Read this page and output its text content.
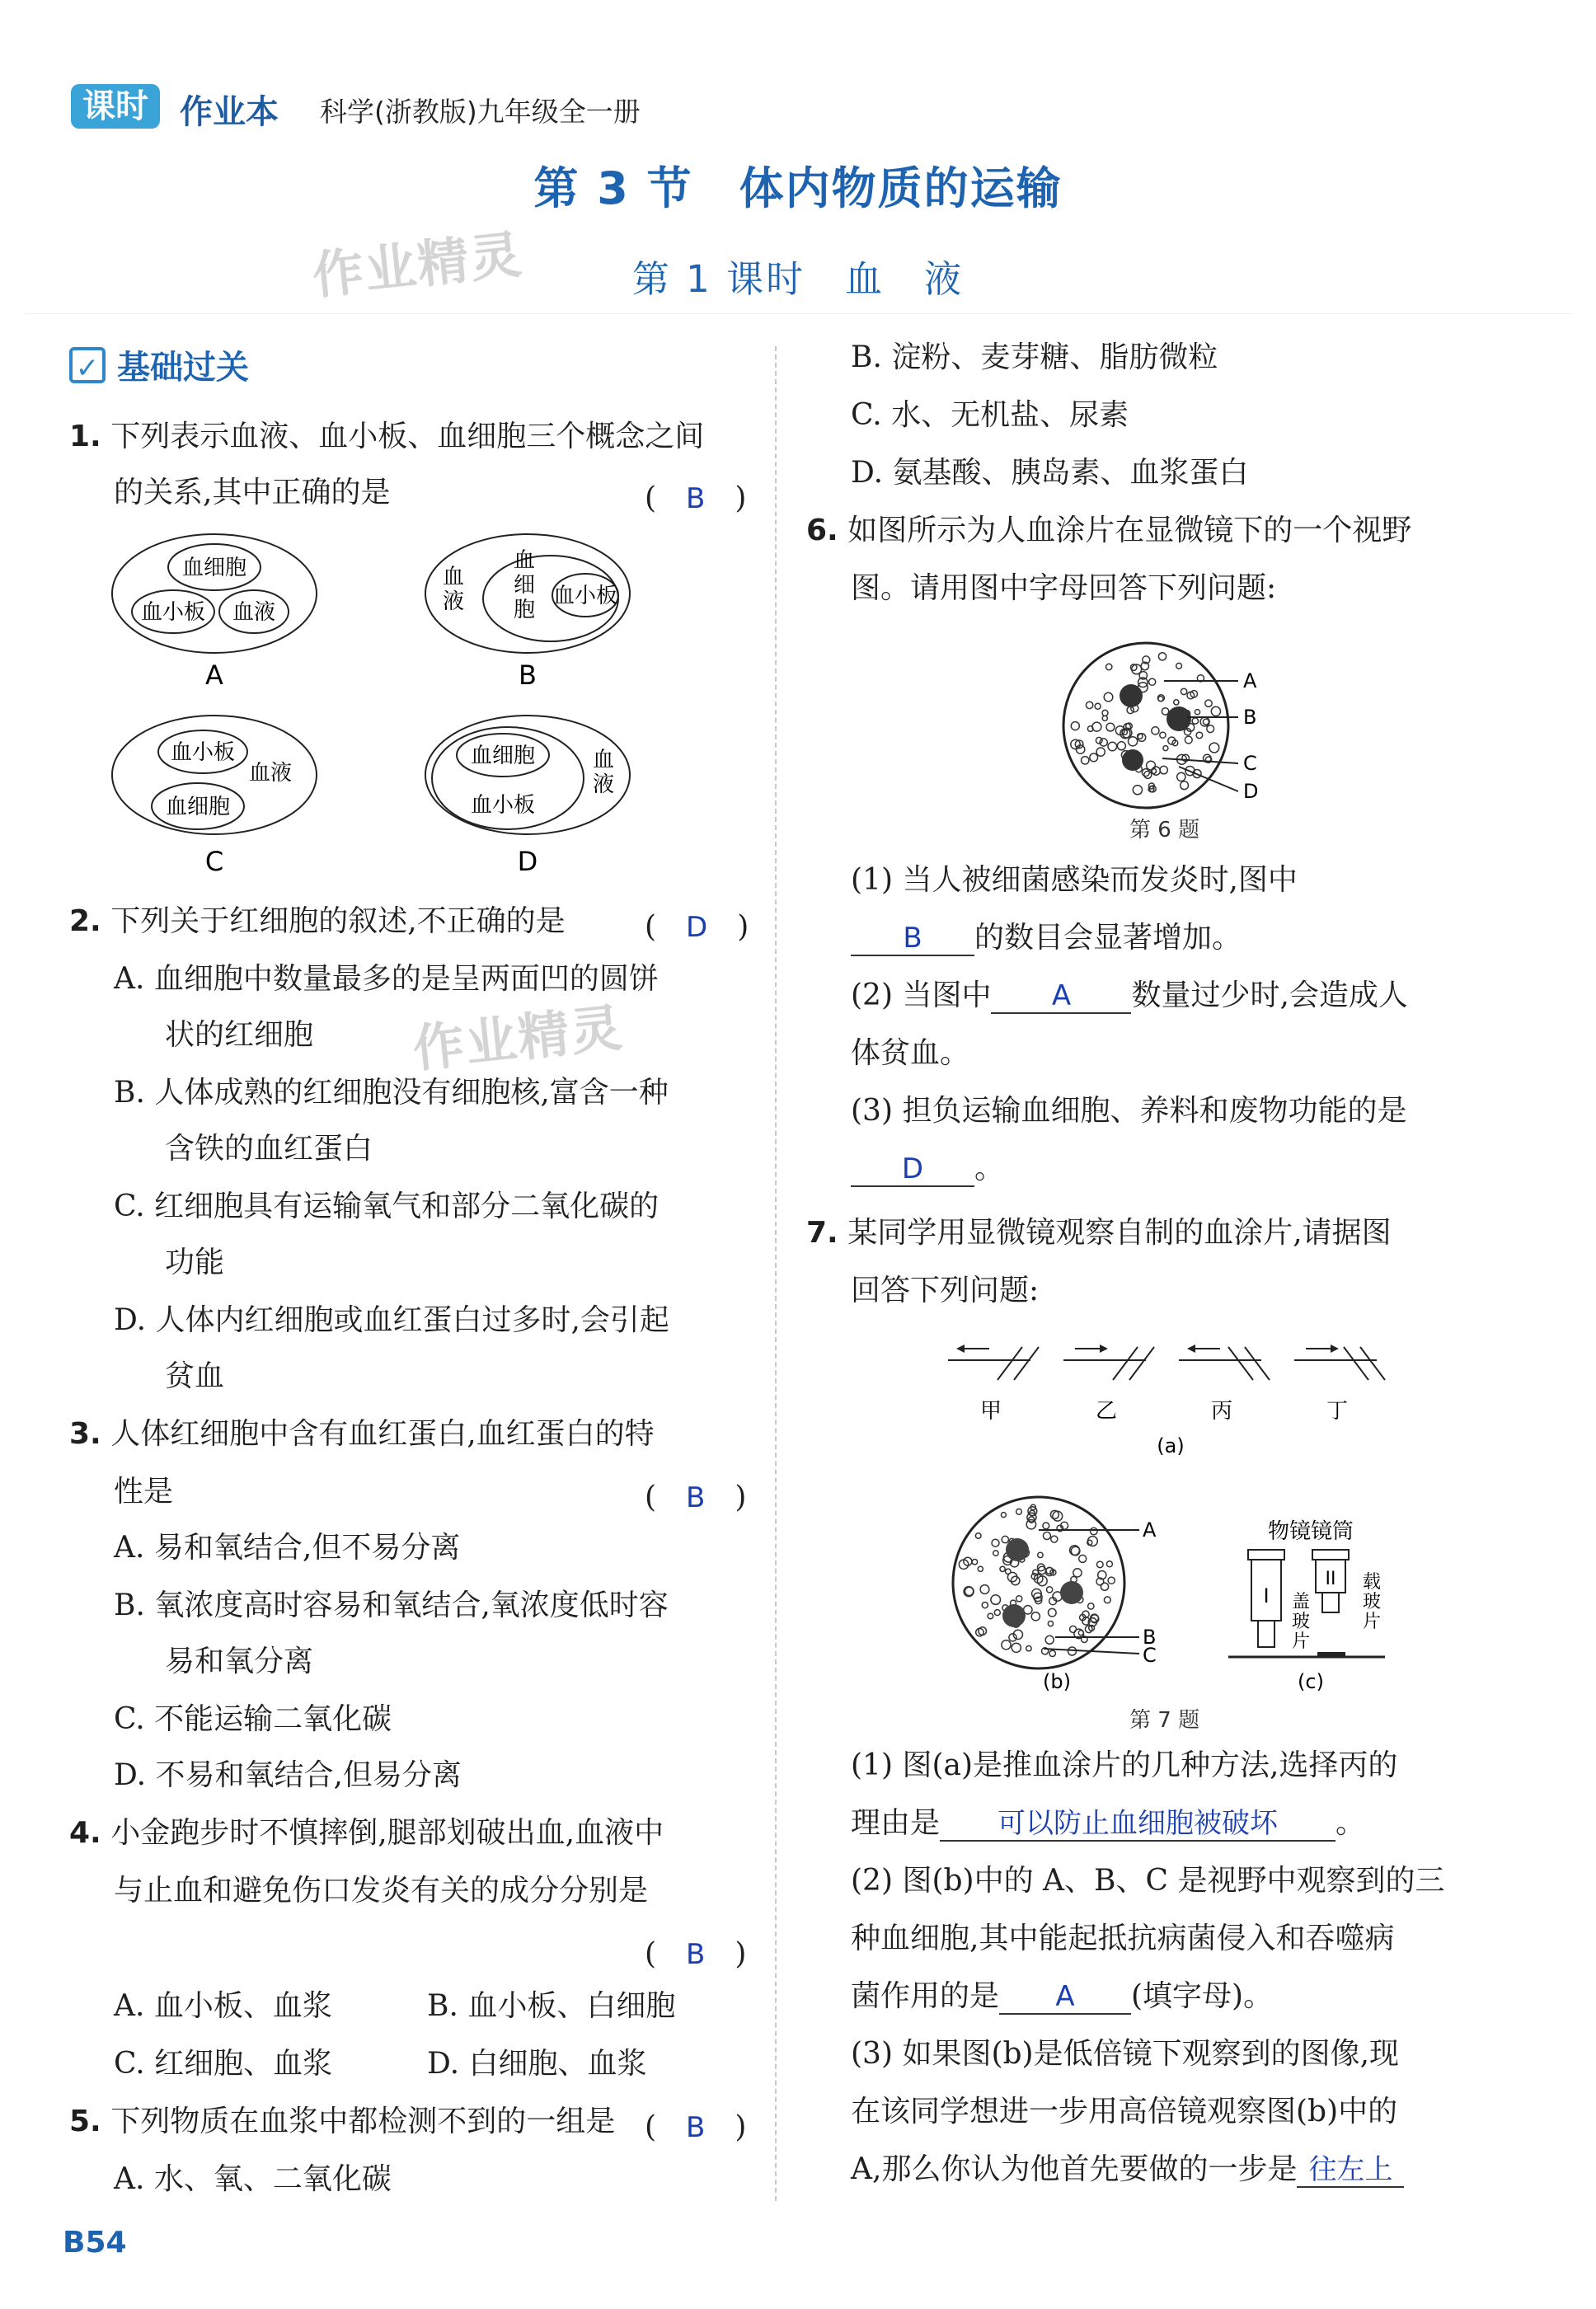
课时 作业本 科学(浙教版)九年级全一册
第 3 节　体内物质的运输
第 1 课时　血　液
作业精灵
作业精灵
✓ 基础过关
1. 下列表示血液、血小板、血细胞三个概念之间
的关系,其中正确的是	(　B　)
血细胞
血小板 血液
A
血
液
血
细
胞
血小板
B
血小板
血液
血细胞
C
血细胞
血小板
血
液
D
2. 下列关于红细胞的叙述,不正确的是	(　D　)
A. 血细胞中数量最多的是呈两面凹的圆饼
状的红细胞
B. 人体成熟的红细胞没有细胞核,富含一种
含铁的血红蛋白
C. 红细胞具有运输氧气和部分二氧化碳的
功能
D. 人体内红细胞或血红蛋白过多时,会引起
贫血
3. 人体红细胞中含有血红蛋白,血红蛋白的特
性是	(　B　)
A. 易和氧结合,但不易分离
B. 氧浓度高时容易和氧结合,氧浓度低时容
易和氧分离
C. 不能运输二氧化碳
D. 不易和氧结合,但易分离
4. 小金跑步时不慎摔倒,腿部划破出血,血液中
与止血和避免伤口发炎有关的成分分别是
(　B　)
A. 血小板、血浆	B. 血小板、白细胞
C. 红细胞、血浆	D. 白细胞、血浆
5. 下列物质在血浆中都检测不到的一组是 (　B　)
A. 水、氧、二氧化碳
B54
B. 淀粉、麦芽糖、脂肪微粒
C. 水、无机盐、尿素
D. 氨基酸、胰岛素、血浆蛋白
6. 如图所示为人血涂片在显微镜下的一个视野
图。请用图中字母回答下列问题:
A
B
C
D
第 6 题
(1) 当人被细菌感染而发炎时,图中
B 的数目会显著增加。
(2) 当图中 A 数量过少时,会造成人
体贫血。
(3) 担负运输血细胞、养料和废物功能的是
D 。
7. 某同学用显微镜观察自制的血涂片,请据图
回答下列问题:
甲	乙	丙	丁
(a)
A
B
C
(b)
物镜镜筒
I
II
盖
玻
片
载
玻
片
(c)
第 7 题
(1) 图(a)是推血涂片的几种方法,选择丙的
理由是 可以防止血细胞被破坏 。
(2) 图(b)中的 A、B、C 是视野中观察到的三
种血细胞,其中能起抵抗病菌侵入和吞噬病
菌作用的是 A (填字母)。
(3) 如果图(b)是低倍镜下观察到的图像,现
在该同学想进一步用高倍镜观察图(b)中的
A,那么你认为他首先要做的一步是 往左上
